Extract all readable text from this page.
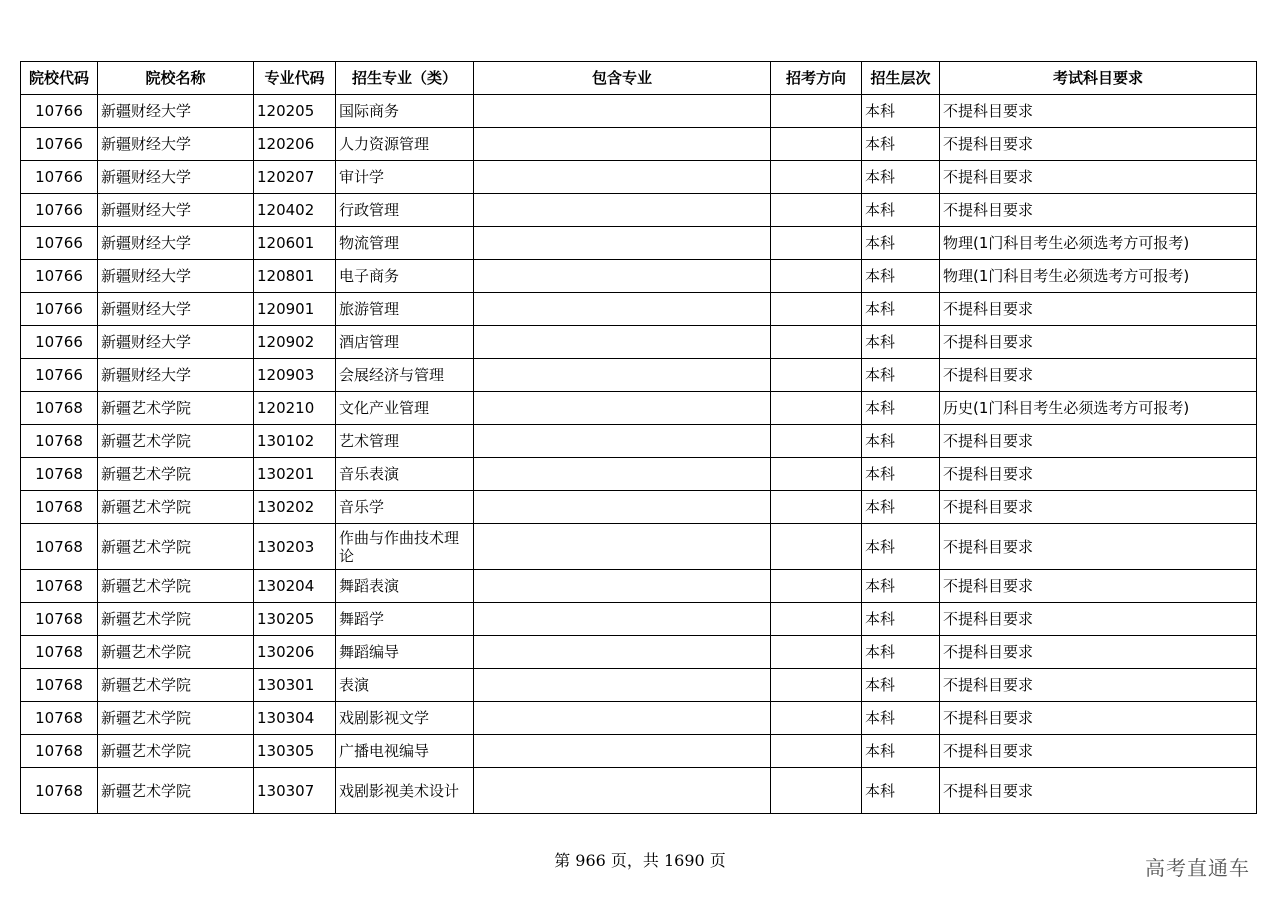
院校代码	院校名称	专业代码	招生专业（类）	包含专业	招考方向	招生层次	考试科目要求
10766	新疆财经大学	120205	国际商务			本科	不提科目要求
10766	新疆财经大学	120206	人力资源管理			本科	不提科目要求
10766	新疆财经大学	120207	审计学			本科	不提科目要求
10766	新疆财经大学	120402	行政管理			本科	不提科目要求
10766	新疆财经大学	120601	物流管理			本科	物理(1门科目考生必须选考方可报考)
10766	新疆财经大学	120801	电子商务			本科	物理(1门科目考生必须选考方可报考)
10766	新疆财经大学	120901	旅游管理			本科	不提科目要求
10766	新疆财经大学	120902	酒店管理			本科	不提科目要求
10766	新疆财经大学	120903	会展经济与管理			本科	不提科目要求
10768	新疆艺术学院	120210	文化产业管理			本科	历史(1门科目考生必须选考方可报考)
10768	新疆艺术学院	130102	艺术管理			本科	不提科目要求
10768	新疆艺术学院	130201	音乐表演			本科	不提科目要求
10768	新疆艺术学院	130202	音乐学			本科	不提科目要求
10768	新疆艺术学院	130203	作曲与作曲技术理论			本科	不提科目要求
10768	新疆艺术学院	130204	舞蹈表演			本科	不提科目要求
10768	新疆艺术学院	130205	舞蹈学			本科	不提科目要求
10768	新疆艺术学院	130206	舞蹈编导			本科	不提科目要求
10768	新疆艺术学院	130301	表演			本科	不提科目要求
10768	新疆艺术学院	130304	戏剧影视文学			本科	不提科目要求
10768	新疆艺术学院	130305	广播电视编导			本科	不提科目要求
10768	新疆艺术学院	130307	戏剧影视美术设计			本科	不提科目要求
第 966 页，共 1690 页	高考直通车
